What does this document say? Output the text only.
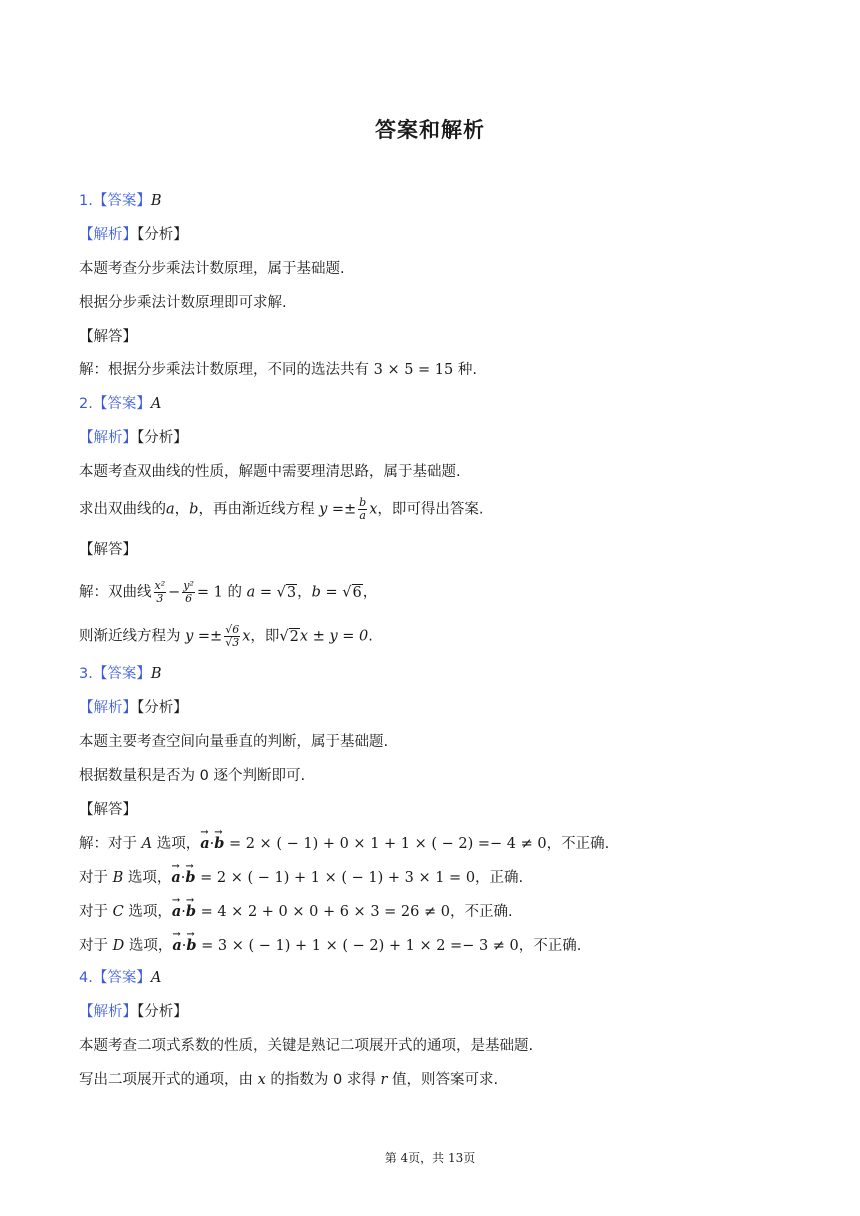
答案和解析
1.【答案】B
【解析】【分析】
本题考查分步乘法计数原理，属于基础题.
根据分步乘法计数原理即可求解.
【解答】
解：根据分步乘法计数原理，不同的选法共有 3 × 5 = 15 种.
2.【答案】A
【解析】【分析】
本题考查双曲线的性质，解题中需要理清思路，属于基础题.
求出双曲线的a，b，再由渐近线方程 $y =\pm \frac{b}{a}$ x，即可得出答案.
【解答】
解：双曲线 $\frac{\text{x²}}{3} - \frac{\text{y²}}{6} = 1$ 的 a = √3，b = √6，
则渐近线方程为 $y =\pm \frac{√6}{√3}$ x，即√2x ± y = 0.
3.【答案】B
【解析】【分析】
本题主要考查空间向量垂直的判断，属于基础题.
根据数量积是否为 0 逐个判断即可.
【解答】
解：对于 A 选项，a →·b → = 2 × ( − 1) + 0 × 1 + 1 × ( − 2) =− 4 ≠ 0，不正确.
对于 B 选项，a →·b → = 2 × ( − 1) + 1 × ( − 1) + 3 × 1 = 0，正确.
对于 C 选项，a →·b → = 4 × 2 + 0 × 0 + 6 × 3 = 26 ≠ 0，不正确.
对于 D 选项，a →·b → = 3 × ( − 1) + 1 × ( − 2) + 1 × 2 =− 3 ≠ 0，不正确.
4.【答案】A
【解析】【分析】
本题考查二项式系数的性质，关键是熟记二项展开式的通项，是基础题.
写出二项展开式的通项，由 x 的指数为 0 求得 r 值，则答案可求.
第 4页，共 13页
